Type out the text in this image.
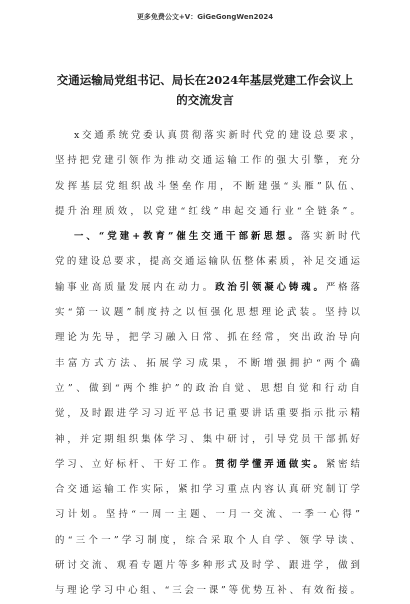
更多免费公文+V：GiGeGongWen2024
交通运输局党组书记、局长在2024年基层党建工作会议上
的交流发言
x交通系统党委认真贯彻落实新时代党的建设总要求，
坚持把党建引领作为推动交通运输工作的强大引擎，充分
发挥基层党组织战斗堡垒作用，不断建强“头雁”队伍、
提升治理质效，以党建“红线”串起交通行业“全链条”。
一、“党建+教育”催生交通干部新思想。落实新时代
党的建设总要求，提高交通运输队伍整体素质，补足交通运
输事业高质量发展内在动力。政治引领凝心铸魂。严格落
实“第一议题”制度持之以恒强化思想理论武装。坚持以
理论为先导，把学习融入日常、抓在经常，突出政治导向
丰富方式方法、拓展学习成果，不断增强拥护“两个确
立”、做到“两个维护”的政治自觉、思想自觉和行动自
觉，及时跟进学习习近平总书记重要讲话重要指示批示精
神，并定期组织集体学习、集中研讨，引导党员干部抓好
学习、立好标杆、干好工作。贯彻学懂弄通做实。紧密结
合交通运输工作实际，紧扣学习重点内容认真研究制订学
习计划。坚持“一周一主题、一月一交流、一季一心得”
的“三个一”学习制度，综合采取个人自学、领学导读、
研讨交流、观看专题片等多种形式及时学、跟进学，做到
与理论学习中心组、“三会一课”等优势互补、有效衔接。
